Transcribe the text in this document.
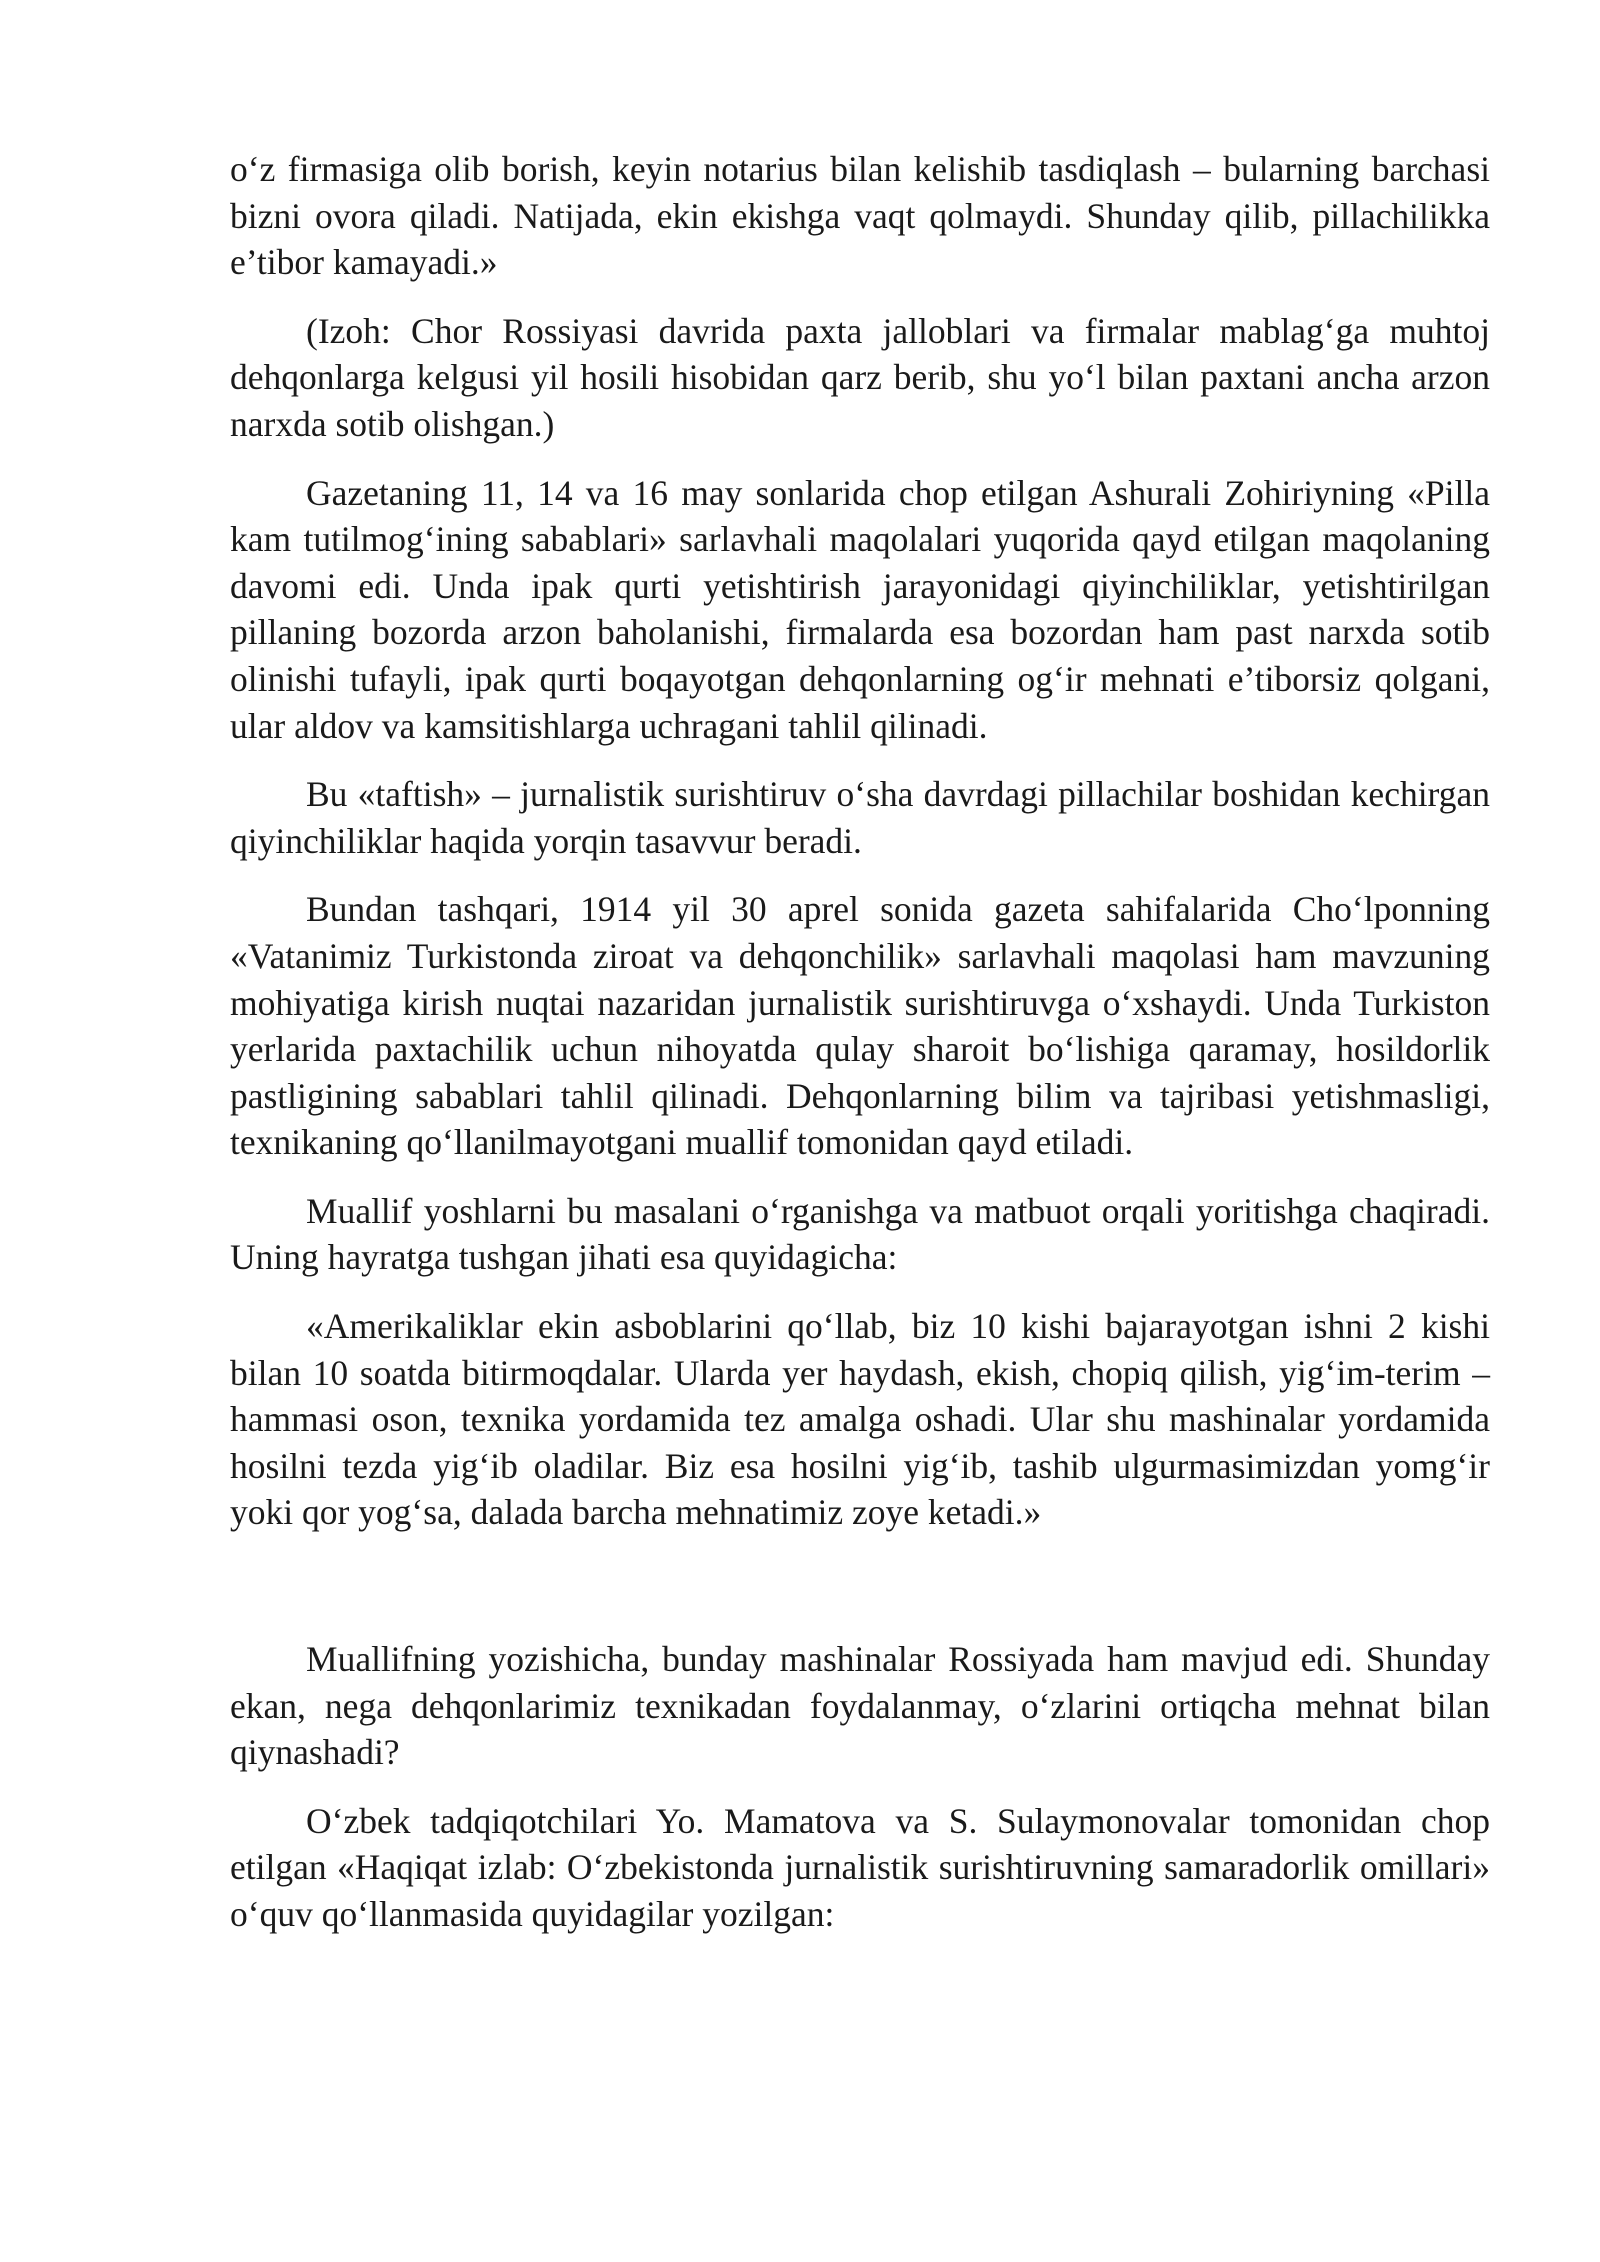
o‘z firmasiga olib borish, keyin notarius bilan kelishib tasdiqlash – bularning barchasi bizni ovora qiladi. Natijada, ekin ekishga vaqt qolmaydi. Shunday qilib, pillachilikka e’tibor kamayadi.»

(Izoh: Chor Rossiyasi davrida paxta jalloblari va firmalar mablag‘ga muhtoj dehqonlarga kelgusi yil hosili hisobidan qarz berib, shu yo‘l bilan paxtani ancha arzon narxda sotib olishgan.)

Gazetaning 11, 14 va 16 may sonlarida chop etilgan Ashurali Zohiriyning «Pilla kam tutilmog‘ining sabablari» sarlavhali maqolalari yuqorida qayd etilgan maqolaning davomi edi. Unda ipak qurti yetishtirish jarayonidagi qiyinchiliklar, yetishtirilgan pillaning bozorda arzon baholanishi, firmalarda esa bozordan ham past narxda sotib olinishi tufayli, ipak qurti boqayotgan dehqonlarning og‘ir mehnati e’tiborsiz qolgani, ular aldov va kamsitishlarga uchragani tahlil qilinadi.

Bu «taftish» – jurnalistik surishtiruv o‘sha davrdagi pillachilar boshidan kechirgan qiyinchiliklar haqida yorqin tasavvur beradi.

Bundan tashqari, 1914 yil 30 aprel sonida gazeta sahifalarida Cho‘lponning «Vatanimiz Turkistonda ziroat va dehqonchilik» sarlavhali maqolasi ham mavzuning mohiyatiga kirish nuqtai nazaridan jurnalistik surishtiruvga o‘xshaydi. Unda Turkiston yerlarida paxtachilik uchun nihoyatda qulay sharoit bo‘lishiga qaramay, hosildorlik pastligining sabablari tahlil qilinadi. Dehqonlarning bilim va tajribasi yetishmasligi, texnikaning qo‘llanilmayotgani muallif tomonidan qayd etiladi.

Muallif yoshlarni bu masalani o‘rganishga va matbuot orqali yoritishga chaqiradi. Uning hayratga tushgan jihati esa quyidagicha:

«Amerikaliklar ekin asboblarini qo‘llab, biz 10 kishi bajarayotgan ishni 2 kishi bilan 10 soatda bitirmoqdalar. Ularda yer haydash, ekish, chopiq qilish, yig‘im-terim – hammasi oson, texnika yordamida tez amalga oshadi. Ular shu mashinalar yordamida hosilni tezda yig‘ib oladilar. Biz esa hosilni yig‘ib, tashib ulgurmasimizdan yomg‘ir yoki qor yog‘sa, dalada barcha mehnatimiz zoye ketadi.»

Muallifning yozishicha, bunday mashinalar Rossiyada ham mavjud edi. Shunday ekan, nega dehqonlarimiz texnikadan foydalanmay, o‘zlarini ortiqcha mehnat bilan qiynashadi?

O‘zbek tadqiqotchilari Yo. Mamatova va S. Sulaymonovalar tomonidan chop etilgan «Haqiqat izlab: O‘zbekistonda jurnalistik surishtiruvning samaradorlik omillari» o‘quv qo‘llanmasida quyidagilar yozilgan:
